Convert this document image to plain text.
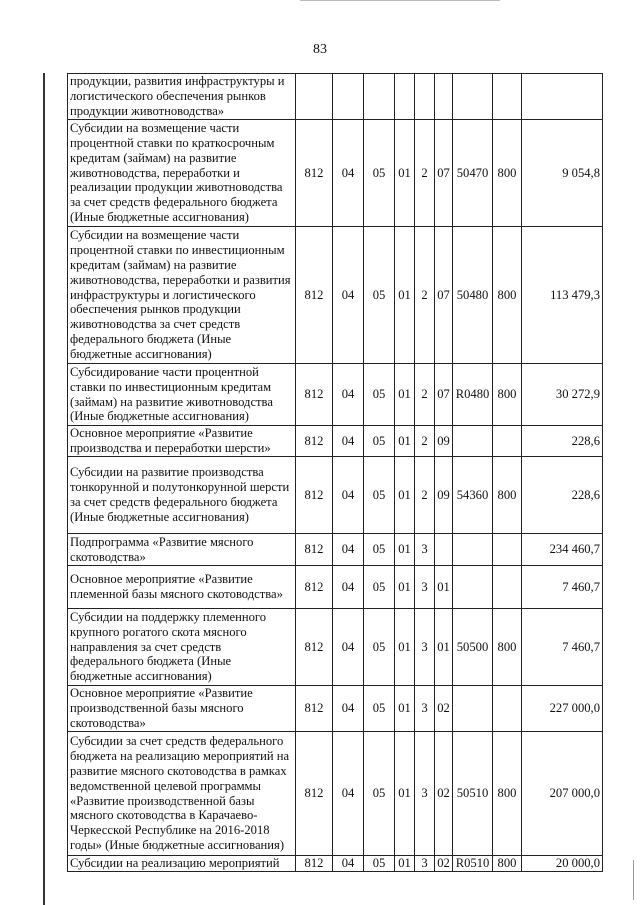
83
продукции, развития инфраструктуры и логистического обеспечения рынков продукции животноводства»									
Субсидии на возмещение части процентной ставки по краткосрочным кредитам (займам) на развитие животноводства, переработки и реализации продукции животноводства за счет средств федерального бюджета (Иные бюджетные ассигнования)	812	04	05	01	2	07	50470	800	9 054,8
Субсидии на возмещение части процентной ставки по инвестиционным кредитам (займам) на развитие животноводства, переработки и развития инфраструктуры и логистического обеспечения рынков продукции животноводства за счет средств федерального бюджета (Иные бюджетные ассигнования)	812	04	05	01	2	07	50480	800	113 479,3
Субсидирование части процентной ставки по инвестиционным кредитам (займам) на развитие животноводства (Иные бюджетные ассигнования)	812	04	05	01	2	07	R0480	800	30 272,9
Основное мероприятие «Развитие производства и переработки шерсти»	812	04	05	01	2	09			228,6
Субсидии на развитие производства тонкорунной и полутонкорунной шерсти за счет средств федерального бюджета (Иные бюджетные ассигнования)	812	04	05	01	2	09	54360	800	228,6
Подпрограмма «Развитие мясного скотоводства»	812	04	05	01	3				234 460,7
Основное мероприятие «Развитие племенной базы мясного скотоводства»	812	04	05	01	3	01			7 460,7
Субсидии на поддержку племенного крупного рогатого скота мясного направления за счет средств федерального бюджета (Иные бюджетные ассигнования)	812	04	05	01	3	01	50500	800	7 460,7
Основное мероприятие «Развитие производственной базы мясного скотоводства»	812	04	05	01	3	02			227 000,0
Субсидии за счет средств федерального бюджета на реализацию мероприятий на развитие мясного скотоводства в рамках ведомственной целевой программы «Развитие производственной базы мясного скотоводства в Карачаево-Черкесской Республике на 2016-2018 годы» (Иные бюджетные ассигнования)	812	04	05	01	3	02	50510	800	207 000,0
Субсидии на реализацию мероприятий	812	04	05	01	3	02	R0510	800	20 000,0
